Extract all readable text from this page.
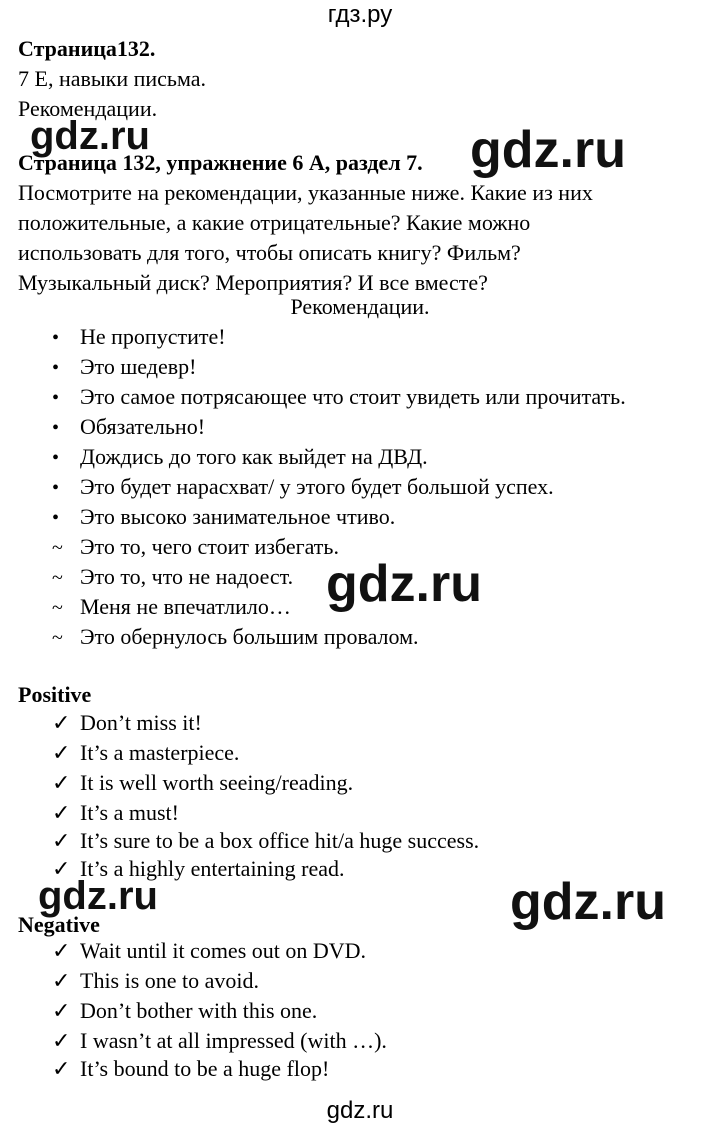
гдз.ру
Страница132.
7 Е, навыки письма.
Рекомендации.
gdz.ru	gdz.ru
Страница 132, упражнение 6 А, раздел 7.
Посмотрите на рекомендации, указанные ниже. Какие из них
положительные, а какие отрицательные? Какие можно
использовать для того, чтобы описать книгу? Фильм?
Музыкальный диск? Мероприятия? И все вместе?
Рекомендации.
• Не пропустите!
• Это шедевр!
• Это самое потрясающее что стоит увидеть или прочитать.
• Обязательно!
• Дождись до того как выйдет на ДВД.
• Это будет нарасхват/ у этого будет большой успех.
• Это высоко занимательное чтиво.
~ Это то, чего стоит избегать.
~ Это то, что не надоест.
~ Меня не впечатлило…
~ Это обернулось большим провалом.
gdz.ru
Positive
✓ Don’t miss it!
✓ It’s a masterpiece.
✓ It is well worth seeing/reading.
✓ It’s a must!
✓ It’s sure to be a box office hit/a huge success.
✓ It’s a highly entertaining read.
gdz.ru	gdz.ru
Negative
✓ Wait until it comes out on DVD.
✓ This is one to avoid.
✓ Don’t bother with this one.
✓ I wasn’t at all impressed (with …).
✓ It’s bound to be a huge flop!
gdz.ru
